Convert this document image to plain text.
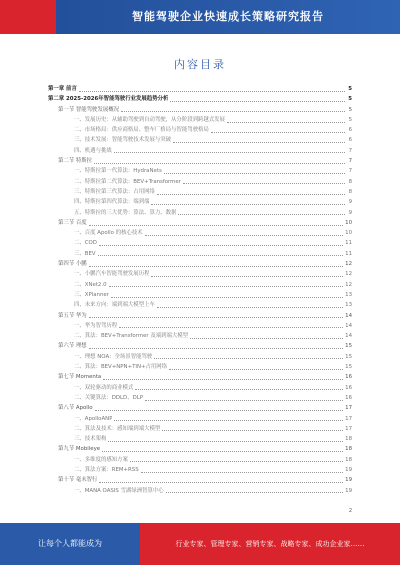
智能驾驶企业快速成长策略研究报告
内容目录
第一章 前言	5
第二章 2025-2026年智能驾驶行业发展趋势分析	5
第一节 智能驾驶发展概况	5
一、发展历史：从辅助驾驶到自动驾驶，从分阶段到跨越式发展	5
二、市场格局：供应商格局、整车厂格局与智能驾驶格局	6
三、技术发展：智能驾驶技术发展与突破	6
四、机遇与挑战	7
第二节 特斯拉	7
一、特斯拉第一代算法：HydraNets	7
二、特斯拉第二代算法：BEV+Transformer	8
三、特斯拉第三代算法：占用网络	8
四、特斯拉第四代算法：端到端	9
五、特斯拉的三大优势：算法、算力、数据	9
第三节 百度	10
一、百度 Apollo 的核心技术	10
二、COD	11
三、BEV	11
第四节 小鹏	12
一、小鹏汽车智能驾驶发展历程	12
二、XNet2.0	12
三、XPlanner	13
四、未来方向：端到端大模型上车	13
第五节 华为	14
一、华为智驾历程	14
二、算法：BEV+Transformer 及端到端大模型	14
第六节 理想	15
一、理想 NOA：全场景智能驾驶	15
二、算法：BEV+NPN+TIN+占用网络	15
第七节 Momenta	16
一、双轮驱动的商业模式	16
二、关键算法：DDLD、DLP	16
第八节 Apollo	17
一、ApolloANP	17
二、算法及技术：感知端到端大模型	17
三、技术架构	18
第九节 Mobileye	18
一、多维度的感知方案	18
二、算法方案：REM+RSS	19
第十节 毫末智行	19
一、MANA OASIS 雪湖绿洲智算中心	19
2
让每个人都能成为	行业专家、管理专家、营销专家、战略专家、成功企业家……
